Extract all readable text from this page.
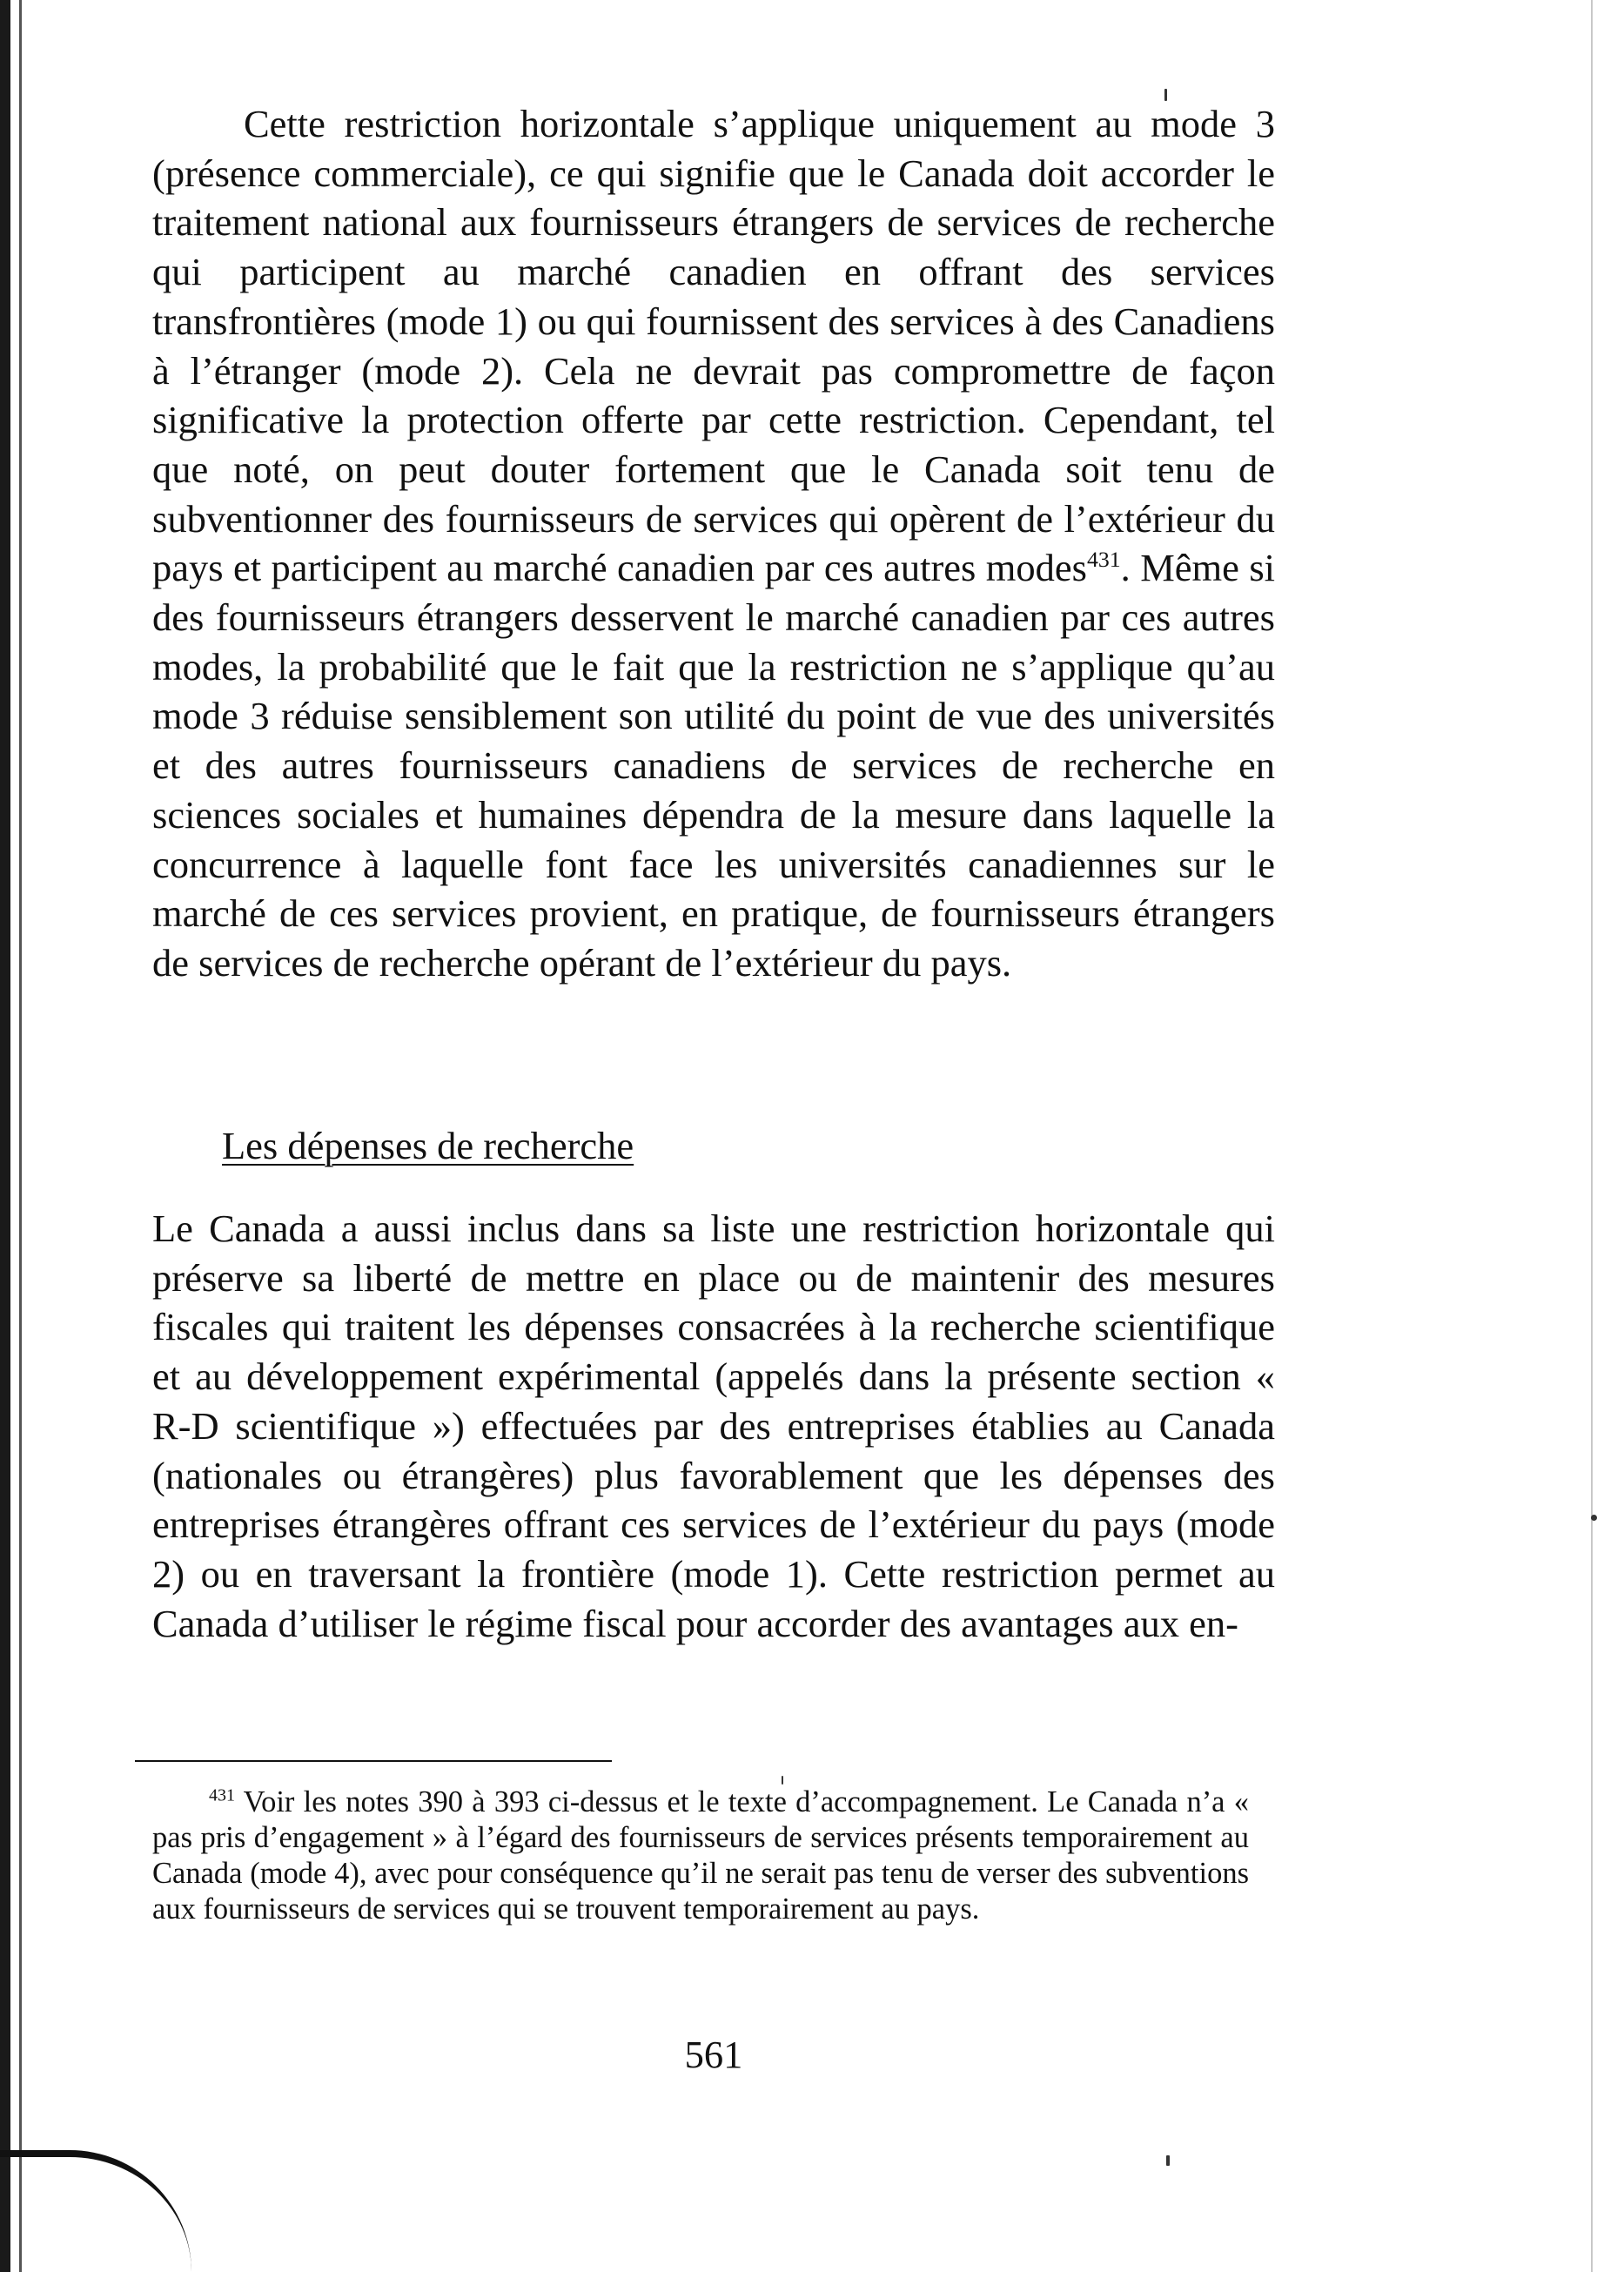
Cette restriction horizontale s’applique uniquement au mode 3 (présence commerciale), ce qui signifie que le Canada doit accorder le traitement national aux fournisseurs étrangers de services de recherche qui participent au marché canadien en offrant des services transfrontières (mode 1) ou qui fournissent des services à des Canadiens à l’étranger (mode 2). Cela ne devrait pas compromettre de façon significative la protection offerte par cette restriction. Cependant, tel que noté, on peut douter fortement que le Canada soit tenu de subventionner des fournisseurs de services qui opèrent de l’extérieur du pays et participent au marché canadien par ces autres modes$^{431}$. Même si des fournisseurs étrangers desservent le marché canadien par ces autres modes, la probabilité que le fait que la restriction ne s’applique qu’au mode 3 réduise sensiblement son utilité du point de vue des universités et des autres fournisseurs canadiens de services de recherche en sciences sociales et humaines dépendra de la mesure dans laquelle la concurrence à laquelle font face les universités canadiennes sur le marché de ces services provient, en pratique, de fournisseurs étrangers de services de recherche opérant de l’extérieur du pays.

Les dépenses de recherche

Le Canada a aussi inclus dans sa liste une restriction horizontale qui préserve sa liberté de mettre en place ou de maintenir des mesures fiscales qui traitent les dépenses consacrées à la recherche scientifique et au développement expérimental (appelés dans la présente section « R-D scientifique ») effectuées par des entreprises établies au Canada (nationales ou étrangères) plus favorablement que les dépenses des entreprises étrangères offrant ces services de l’extérieur du pays (mode 2) ou en traversant la frontière (mode 1). Cette restriction permet au Canada d’utiliser le régime fiscal pour accorder des avantages aux en-

$^{431}$ Voir les notes 390 à 393 ci-dessus et le texte d’accompagnement. Le Canada n’a « pas pris d’engagement » à l’égard des fournisseurs de services présents temporairement au Canada (mode 4), avec pour conséquence qu’il ne serait pas tenu de verser des subventions aux fournisseurs de services qui se trouvent temporairement au pays.

561
